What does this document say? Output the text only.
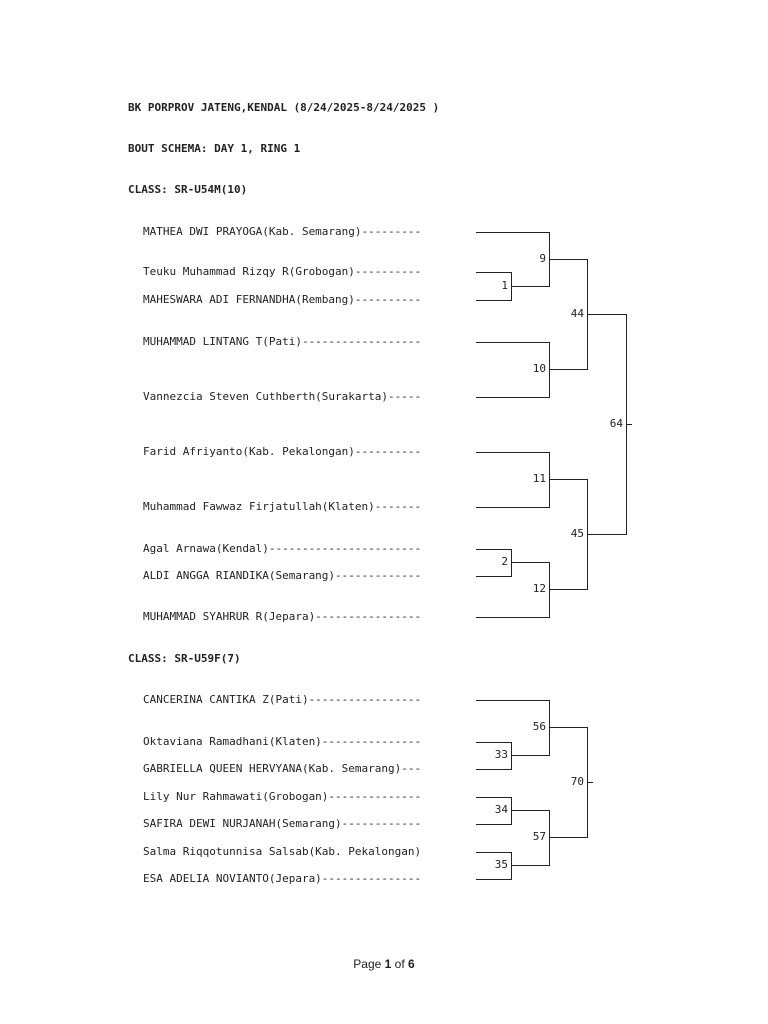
BK PORPROV JATENG,KENDAL (8/24/2025-8/24/2025 )
BOUT SCHEMA: DAY 1, RING 1
CLASS: SR-U54M(10)
MATHEA DWI PRAYOGA(Kab. Semarang)---------
Teuku Muhammad Rizqy R(Grobogan)----------
MAHESWARA ADI FERNANDHA(Rembang)----------
MUHAMMAD LINTANG T(Pati)------------------
Vannezcia Steven Cuthberth(Surakarta)-----
Farid Afriyanto(Kab. Pekalongan)----------
Muhammad Fawwaz Firjatullah(Klaten)-------
Agal Arnawa(Kendal)-----------------------
ALDI ANGGA RIANDIKA(Semarang)-------------
MUHAMMAD SYAHRUR R(Jepara)----------------
9
1
44
10
64
11
45
2
12
CLASS: SR-U59F(7)
CANCERINA CANTIKA Z(Pati)-----------------
Oktaviana Ramadhani(Klaten)---------------
GABRIELLA QUEEN HERVYANA(Kab. Semarang)---
Lily Nur Rahmawati(Grobogan)--------------
SAFIRA DEWI NURJANAH(Semarang)------------
Salma Riqqotunnisa Salsab(Kab. Pekalongan)
ESA ADELIA NOVIANTO(Jepara)---------------
56
33
70
34
57
35
Page 1 of 6
